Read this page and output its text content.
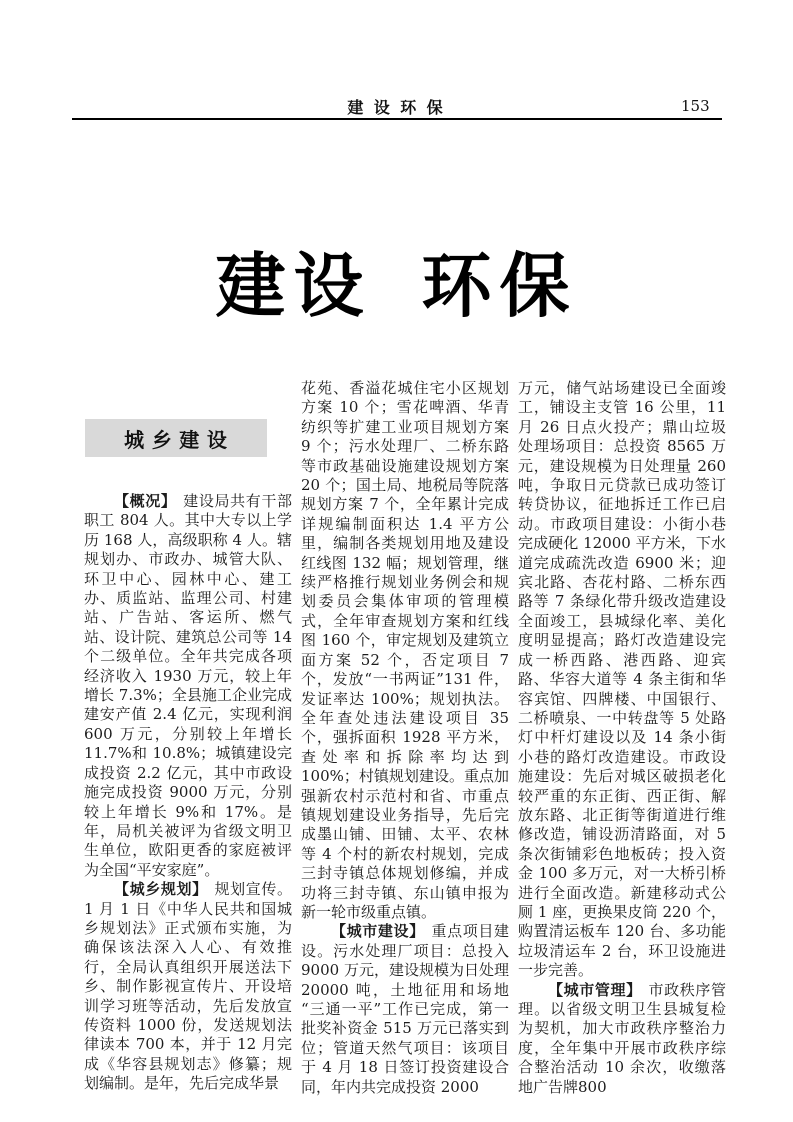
建 设 环 保	153
建设 环保
城 乡 建 设

【概况】 建设局共有干部职工 804 人。其中大专以上学历 168 人，高级职称 4 人。辖规划办、市政办、城管大队、环卫中心、园林中心、建工办、质监站、监理公司、村建站、广告站、客运所、燃气站、设计院、建筑总公司等 14 个二级单位。全年共完成各项经济收入 1930 万元，较上年增长 7.3%；全县施工企业完成建安产值 2.4 亿元，实现利润 600 万元，分别较上年增长 11.7%和 10.8%；城镇建设完成投资 2.2 亿元，其中市政设施完成投资 9000 万元，分别较上年增长 9%和 17%。是年，局机关被评为省级文明卫生单位，欧阳更香的家庭被评为全国“平安家庭”。

【城乡规划】 规划宣传。1 月 1 日《中华人民共和国城乡规划法》正式颁布实施，为确保该法深入人心、有效推行，全局认真组织开展送法下乡、制作影视宣传片、开设培训学习班等活动，先后发放宣传资料 1000 份，发送规划法律读本 700 本，并于 12 月完成《华容县规划志》修纂；规划编制。是年，先后完成华景

花苑、香溢花城住宅小区规划方案 10 个；雪花啤酒、华青纺织等扩建工业项目规划方案 9 个；污水处理厂、二桥东路等市政基础设施建设规划方案 20 个；国土局、地税局等院落规划方案 7 个，全年累计完成详规编制面积达 1.4 平方公里，编制各类规划用地及建设红线图 132 幅；规划管理，继续严格推行规划业务例会和规划委员会集体审项的管理模式，全年审查规划方案和红线图 160 个，审定规划及建筑立面方案 52 个，否定项目 7 个，发放“一书两证”131 件，发证率达 100%；规划执法。全年查处违法建设项目 35 个，强拆面积 1928 平方米，查处率和拆除率均达到 100%；村镇规划建设。重点加强新农村示范村和省、市重点镇规划建设业务指导，先后完成墨山铺、田铺、太平、农林等 4 个村的新农村规划，完成三封寺镇总体规划修编，并成功将三封寺镇、东山镇申报为新一轮市级重点镇。

【城市建设】 重点项目建设。污水处理厂项目：总投入 9000 万元，建设规模为日处理 20000 吨，土地征用和场地“三通一平”工作已完成，第一批奖补资金 515 万元已落实到位；管道天然气项目：该项目于 4 月 18 日签订投资建设合同，年内共完成投资 2000

万元，储气站场建设已全面竣工，铺设主支管 16 公里，11 月 26 日点火投产；鼎山垃圾处理场项目：总投资 8565 万元，建设规模为日处理量 260 吨，争取日元贷款已成功签订转贷协议，征地拆迁工作已启动。市政项目建设：小街小巷完成硬化 12000 平方米，下水道完成疏洗改造 6900 米；迎宾北路、杏花村路、二桥东西路等 7 条绿化带升级改造建设全面竣工，县城绿化率、美化度明显提高；路灯改造建设完成一桥西路、港西路、迎宾路、华容大道等 4 条主街和华容宾馆、四牌楼、中国银行、二桥喷泉、一中转盘等 5 处路灯中杆灯建设以及 14 条小街小巷的路灯改造建设。市政设施建设：先后对城区破损老化较严重的东正街、西正街、解放东路、北正街等街道进行维修改造，铺设沥清路面，对 5 条次街铺彩色地板砖；投入资金 100 多万元，对一大桥引桥进行全面改造。新建移动式公厕 1 座，更换果皮筒 220 个，购置清运板车 120 台、多功能垃圾清运车 2 台，环卫设施进一步完善。

【城市管理】 市政秩序管理。以省级文明卫生县城复检为契机，加大市政秩序整治力度，全年集中开展市政秩序综合整治活动 10 余次，收缴落地广告牌800
